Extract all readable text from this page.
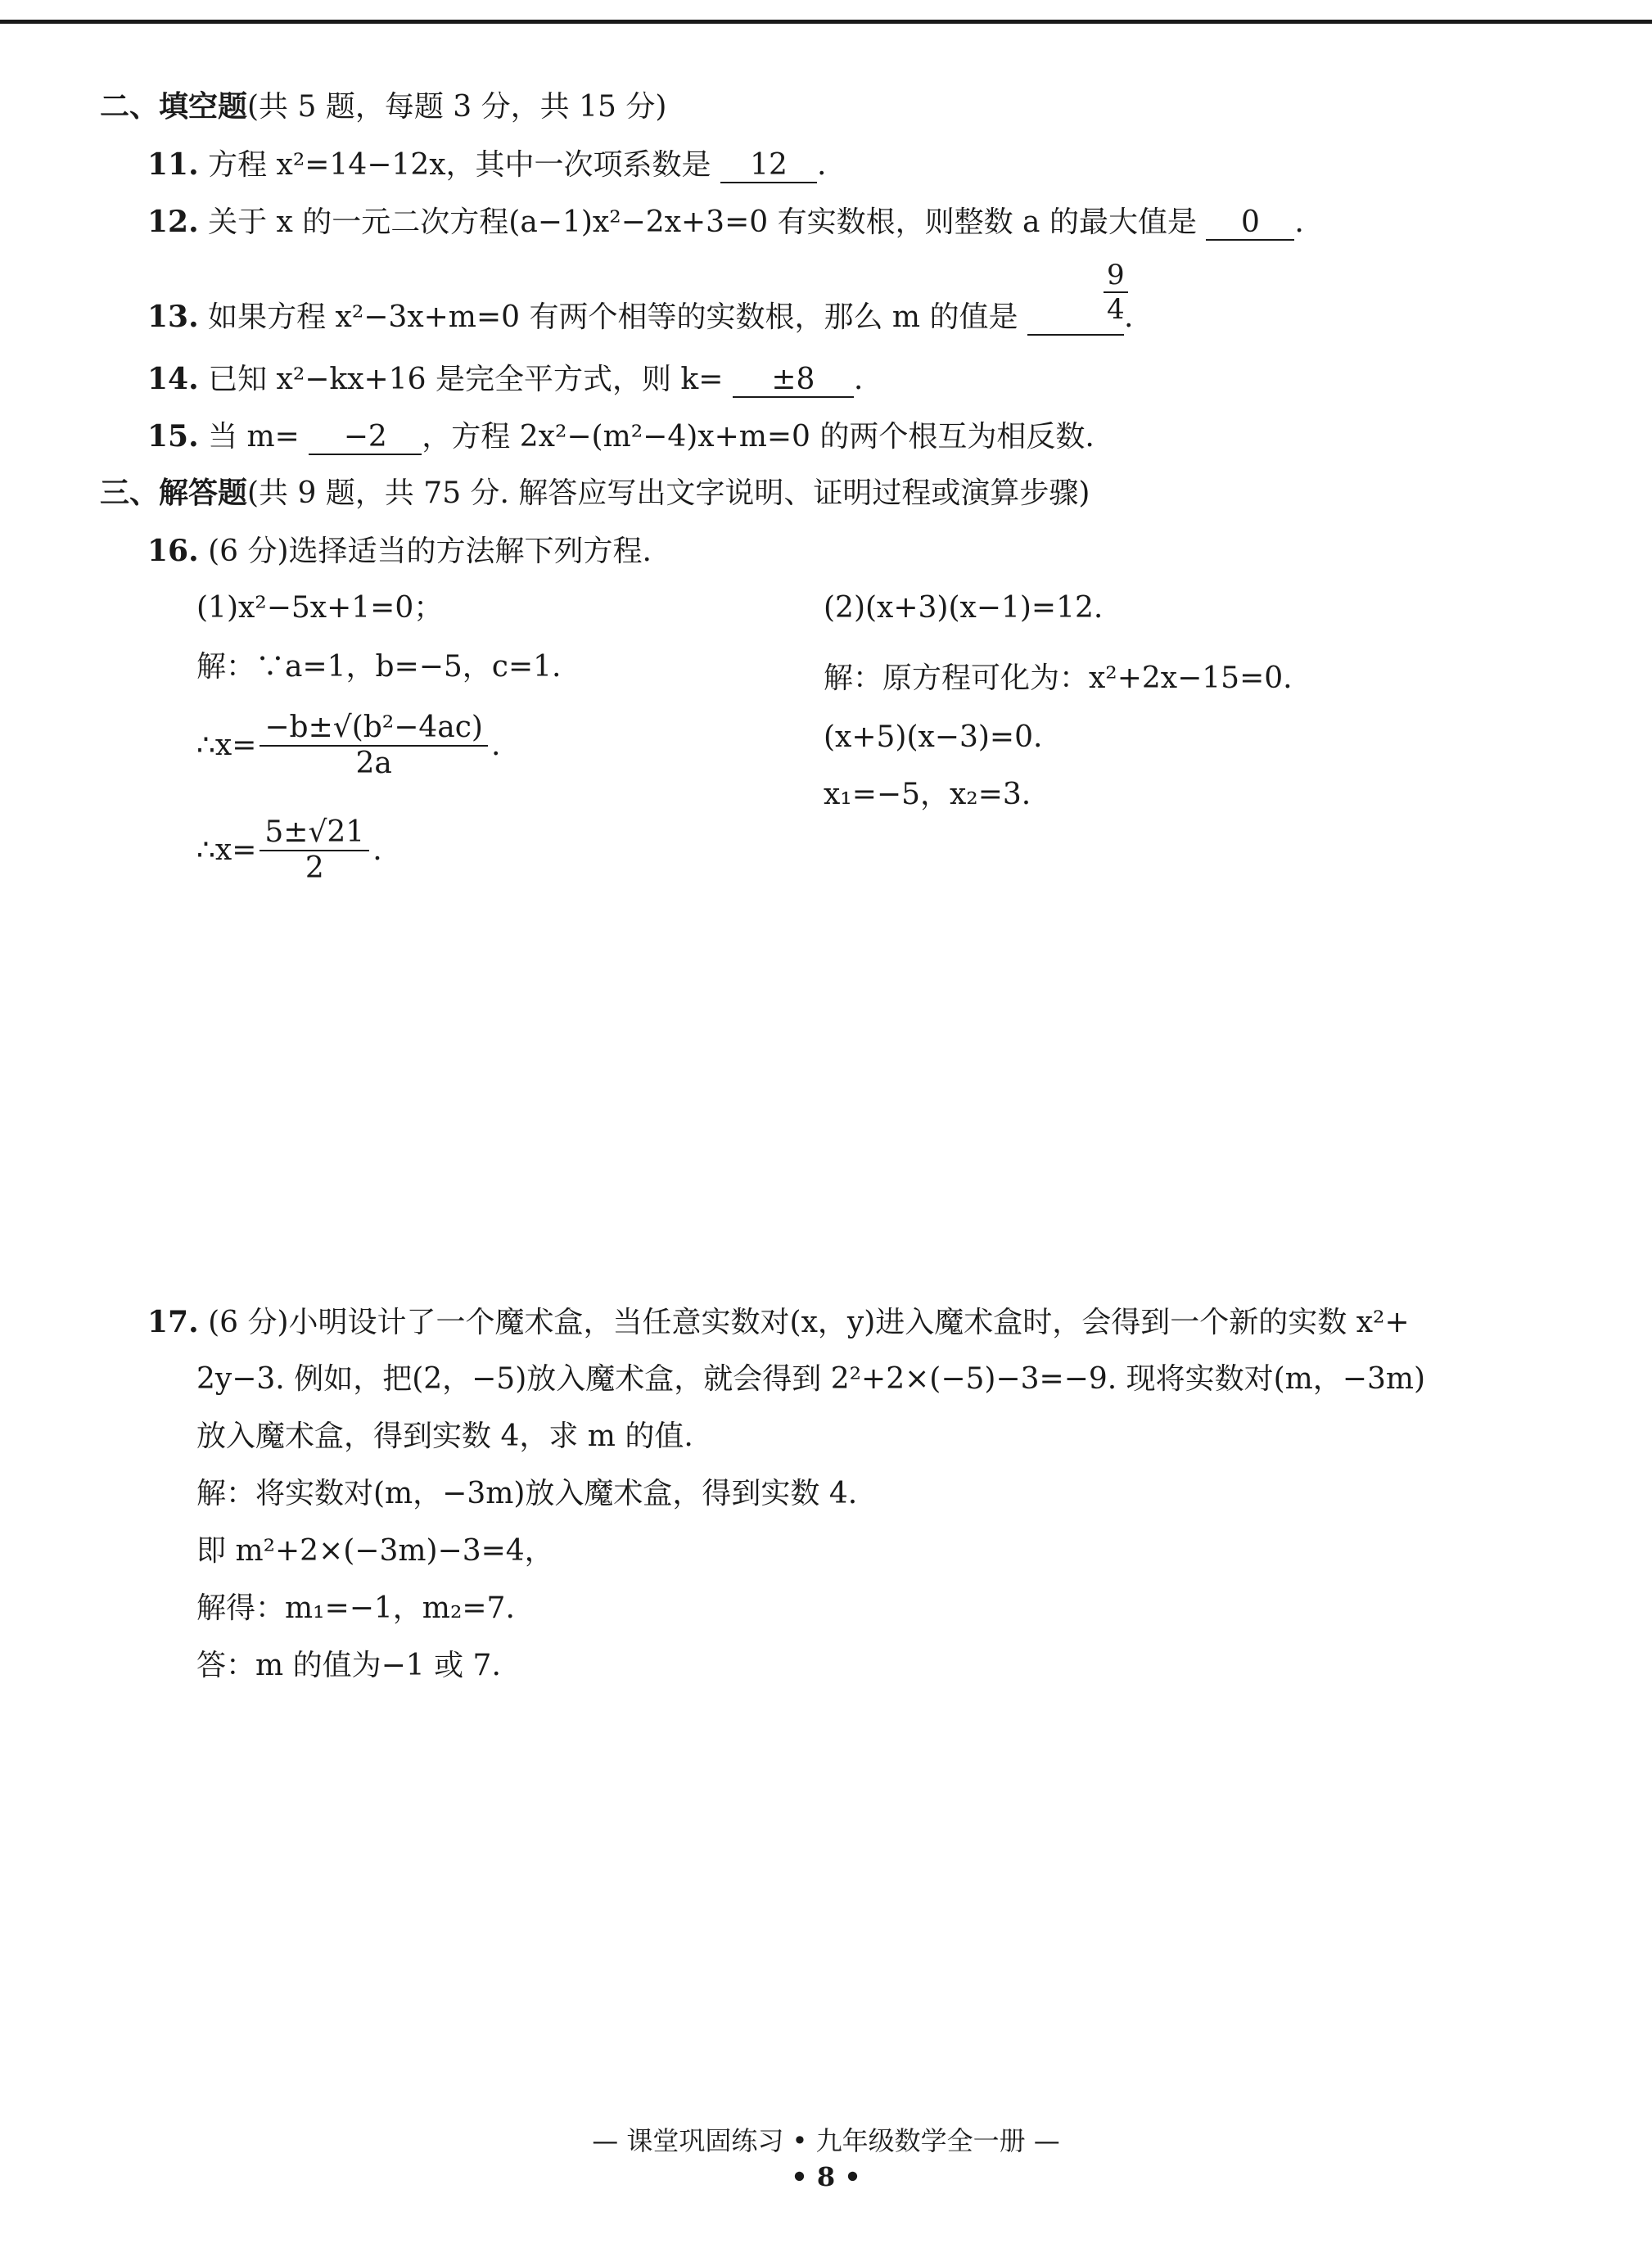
二、填空题(共 5 题，每题 3 分，共 15 分)
11. 方程 x²=14−12x，其中一次项系数是 12 .
12. 关于 x 的一元二次方程(a−1)x²−2x+3=0 有实数根，则整数 a 的最大值是 0 .
13. 如果方程 x²−3x+m=0 有两个相等的实数根，那么 m 的值是	.
$\frac{9}{4}$
14. 已知 x²−kx+16 是完全平方式，则 k= ±8 .
15. 当 m= −2 ，方程 2x²−(m²−4)x+m=0 的两个根互为相反数.
三、解答题(共 9 题，共 75 分. 解答应写出文字说明、证明过程或演算步骤)
16. (6 分)选择适当的方法解下列方程.
(1)x²−5x+1=0；
解：∵a=1，b=−5，c=1.
∴x= $\frac{\text{−b±√(b²−4ac)}}{2a}$ .
∴x= $\frac{5\pm√21}{2}$ .
(2)(x+3)(x−1)=12.
解：原方程可化为：x²+2x−15=0.
(x+5)(x−3)=0.
x₁=−5，x₂=3.
17. (6 分)小明设计了一个魔术盒，当任意实数对(x，y)进入魔术盒时，会得到一个新的实数 x²+
2y−3. 例如，把(2，−5)放入魔术盒，就会得到 2²+2×(−5)−3=−9. 现将实数对(m，−3m)
放入魔术盒，得到实数 4，求 m 的值.
解：将实数对(m，−3m)放入魔术盒，得到实数 4.
即 m²+2×(−3m)−3=4，
解得：m₁=−1，m₂=7.
答：m 的值为−1 或 7.
— 课堂巩固练习 • 九年级数学全一册 —
• 8 •
